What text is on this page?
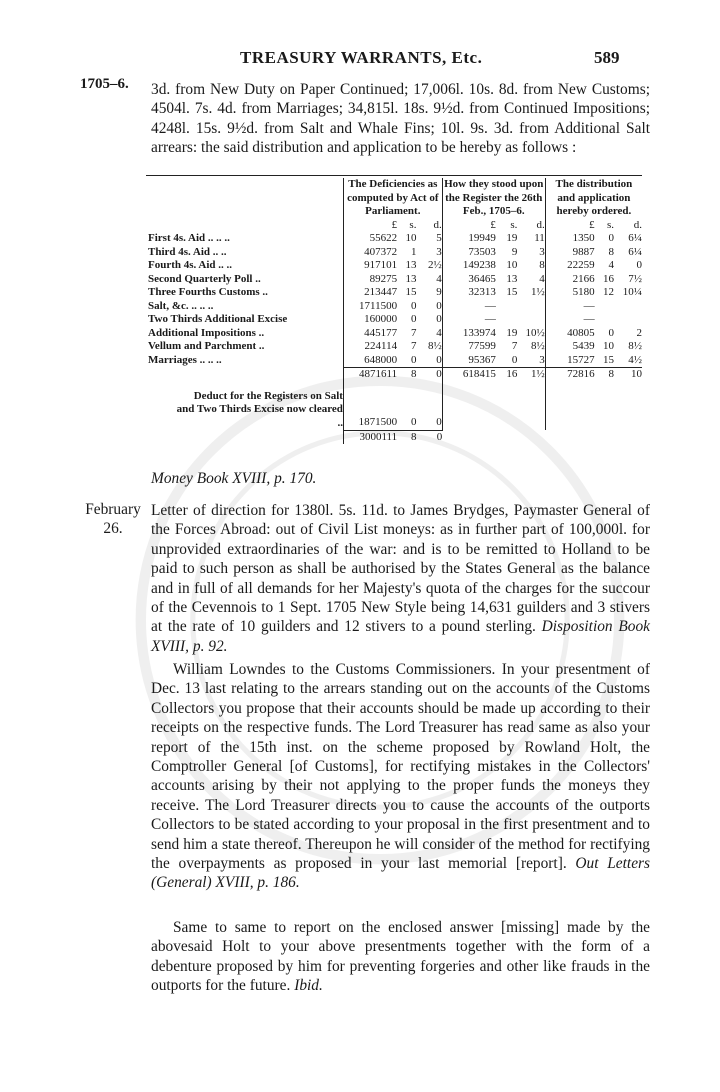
TREASURY WARRANTS, Etc.	589
1705–6. 3d. from New Duty on Paper Continued; 17,006l. 10s. 8d. from New Customs; 4504l. 7s. 4d. from Marriages; 34,815l. 18s. 9½d. from Continued Impositions; 4248l. 15s. 9½d. from Salt and Whale Fins; 10l. 9s. 3d. from Additional Salt arrears: the said distribution and application to be hereby as follows :
	The Deficiencies as computed by Act of Parliament.			How they stood upon the Register the 26th Feb., 1705–6.			The distribution and application hereby ordered.		
	£	s.	d.	£	s.	d.	£	s.	d.
First 4s. Aid .. .. ..	55622	10	5	19949	19	11	1350	0	6¼
Third 4s. Aid .. ..	407372	1	3	73503	9	3	9887	8	6¼
Fourth 4s. Aid .. ..	917101	13	2½	149238	10	8	22259	4	0
Second Quarterly Poll ..	89275	13	4	36465	13	4	2166	16	7½
Three Fourths Customs ..	213447	15	9	32313	15	1½	5180	12	10¼
Salt, &c. .. .. ..	1711500	0	0	—			—		
Two Thirds Additional Excise	160000	0	0	—			—		
Additional Impositions ..	445177	7	4	133974	19	10½	40805	0	2
Vellum and Parchment ..	224114	7	8½	77599	7	8½	5439	10	8½
Marriages .. .. ..	648000	0	0	95367	0	3	15727	15	4½
	4871611	8	0	618415	16	1½	72816	8	10
Deduct for the Registers on Salt and Two Thirds Excise now cleared ..	1871500	0	0						
	3000111	8	0						
Money Book XVIII, p. 170.
February
26.
Letter of direction for 1380l. 5s. 11d. to James Brydges, Paymaster General of the Forces Abroad: out of Civil List moneys: as in further part of 100,000l. for unprovided extraordinaries of the war: and is to be remitted to Holland to be paid to such person as shall be authorised by the States General as the balance and in full of all demands for her Majesty's quota of the charges for the succour of the Cevennois to 1 Sept. 1705 New Style being 14,631 guilders and 3 stivers at the rate of 10 guilders and 12 stivers to a pound sterling. Disposition Book XVIII, p. 92.
William Lowndes to the Customs Commissioners. In your presentment of Dec. 13 last relating to the arrears standing out on the accounts of the Customs Collectors you propose that their accounts should be made up according to their receipts on the respective funds. The Lord Treasurer has read same as also your report of the 15th inst. on the scheme proposed by Rowland Holt, the Comptroller General [of Customs], for rectifying mistakes in the Collectors' accounts arising by their not applying to the proper funds the moneys they receive. The Lord Treasurer directs you to cause the accounts of the outports Collectors to be stated according to your proposal in the first presentment and to send him a state thereof. Thereupon he will consider of the method for rectifying the overpayments as proposed in your last memorial [report]. Out Letters (General) XVIII, p. 186.
Same to same to report on the enclosed answer [missing] made by the abovesaid Holt to your above presentments together with the form of a debenture proposed by him for preventing forgeries and other like frauds in the outports for the future. Ibid.
